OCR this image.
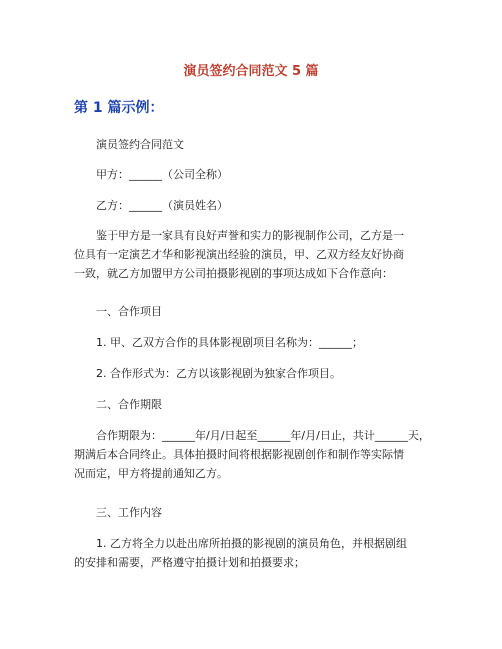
演员签约合同范文 5 篇
第 1 篇示例：
演员签约合同范文
甲方：______（公司全称）
乙方：______（演员姓名）
鉴于甲方是一家具有良好声誉和实力的影视制作公司，乙方是一
位具有一定演艺才华和影视演出经验的演员，甲、乙双方经友好协商
一致，就乙方加盟甲方公司拍摄影视剧的事项达成如下合作意向：
一、合作项目
1. 甲、乙双方合作的具体影视剧项目名称为：______；
2. 合作形式为：乙方以该影视剧为独家合作项目。
二、合作期限
合作期限为：______年/月/日起至______年/月/日止，共计______天，
期满后本合同终止。具体拍摄时间将根据影视剧创作和制作等实际情
况而定，甲方将提前通知乙方。
三、工作内容
1. 乙方将全力以赴出席所拍摄的影视剧的演员角色，并根据剧组
的安排和需要，严格遵守拍摄计划和拍摄要求；
